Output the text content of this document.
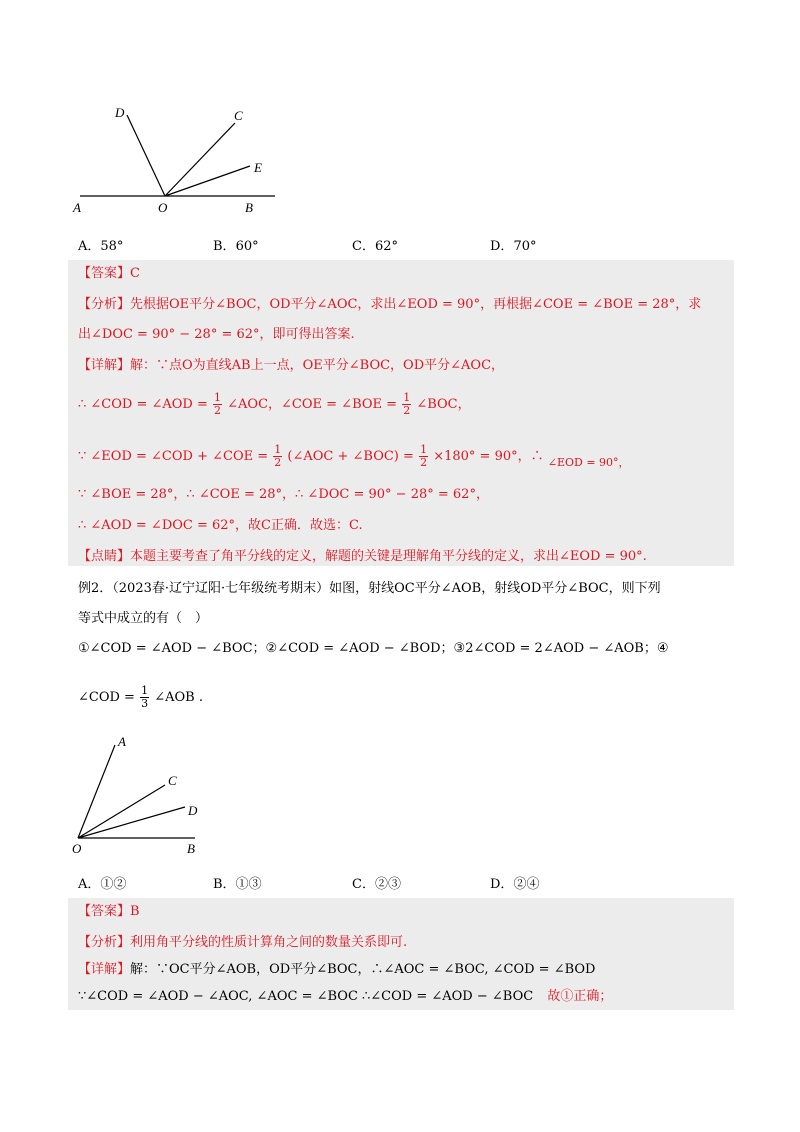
D	C
E
A	O	B
A．58°	B．60°	C．62°	D．70°
【答案】C
【分析】先根据OE平分∠BOC，OD平分∠AOC，求出∠EOD = 90°，再根据∠COE = ∠BOE = 28°，求
出∠DOC = 90° − 28° = 62°，即可得出答案.
【详解】解：∵点O为直线AB上一点，OE平分∠BOC，OD平分∠AOC，
∴ ∠COD = ∠AOD = $\frac{1}{2}$ ∠AOC，∠COE = ∠BOE = $\frac{1}{2}$ ∠BOC，
∵ ∠EOD = ∠COD + ∠COE = $\frac{1}{2}$ (∠AOC + ∠BOC) = $\frac{1}{2} \times 180^\circ = 90^\circ$，∴ $_{\angle EOD = 90^\circ,}$
∵ ∠BOE = 28°，∴ ∠COE = 28°，∴ ∠DOC = 90° − 28° = 62°，
∴ ∠AOD = ∠DOC = 62°，故C正确．故选：C.
【点睛】本题主要考查了角平分线的定义，解题的关键是理解角平分线的定义，求出∠EOD = 90°.
例2．（2023春·辽宁辽阳·七年级统考期末）如图，射线OC平分∠AOB，射线OD平分∠BOC，则下列
等式中成立的有（　）
①∠COD = ∠AOD − ∠BOC；②∠COD = ∠AOD − ∠BOD；③2∠COD = 2∠AOD − ∠AOB；④
∠COD = $\frac{1}{3}$ ∠AOB .
A
C
D
O	B
A．①②	B．①③	C．②③	D．②④
【答案】B
【分析】利用角平分线的性质计算角之间的数量关系即可.
【详解】解：∵OC平分∠AOB，OD平分∠BOC，∴∠AOC = ∠BOC, ∠COD = ∠BOD
∵∠COD = ∠AOD − ∠AOC, ∠AOC = ∠BOC ∴∠COD = ∠AOD − ∠BOC 故①正确；
